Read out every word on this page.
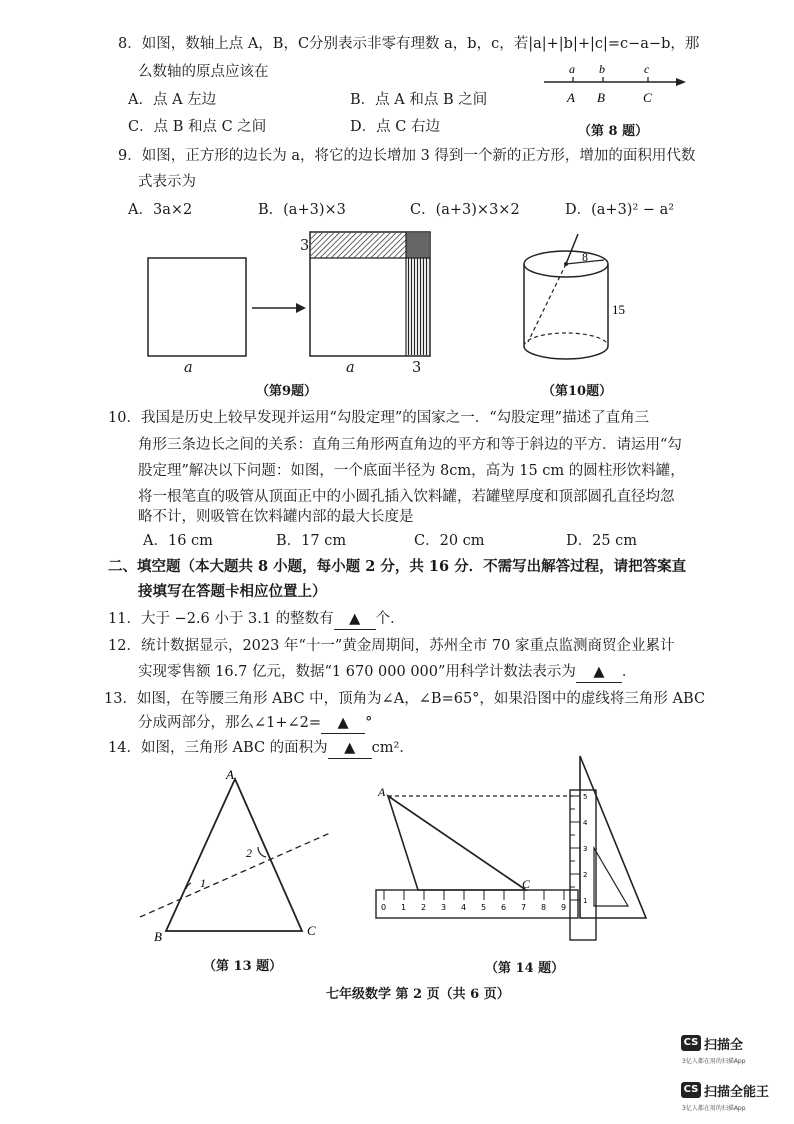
8．如图，数轴上点 A，B，C分别表示非零有理数 a，b，c，若|a|+|b|+|c|=c−a−b，那
么数轴的原点应该在
A．点 A 左边	B．点 A 和点 B 之间
C．点 B 和点 C 之间	D．点 C 右边
a b	c
A B	C
（第 8 题）
9．如图，正方形的边长为 a，将它的边长增加 3 得到一个新的正方形，增加的面积用代数
式表示为
A．3a×2	B．(a+3)×3	C．(a+3)×3×2	D．(a+3)² − a²
a	a
3
3
（第9题）
8
15
（第10题）
10．我国是历史上较早发现并运用“勾股定理”的国家之一．“勾股定理”描述了直角三
角形三条边长之间的关系：直角三角形两直角边的平方和等于斜边的平方．请运用“勾
股定理”解决以下问题：如图，一个底面半径为 8cm，高为 15 cm 的圆柱形饮料罐，
将一根笔直的吸管从顶面正中的小圆孔插入饮料罐，若罐壁厚度和顶部圆孔直径均忽
略不计，则吸管在饮料罐内部的最大长度是
A．16 cm	B．17 cm	C．20 cm	D．25 cm
二、填空题（本大题共 8 小题，每小题 2 分，共 16 分．不需写出解答过程，请把答案直
接填写在答题卡相应位置上）
11．大于 −2.6 小于 3.1 的整数有 ▲ 个．
12．统计数据显示，2023 年“十一”黄金周期间，苏州全市 70 家重点监测商贸企业累计
实现零售额 16.7 亿元，数据“1 670 000 000”用科学计数法表示为 ▲ ．
13．如图，在等腰三角形 ABC 中，顶角为∠A，∠B=65°，如果沿图中的虚线将三角形 ABC
分成两部分，那么∠1+∠2= ▲ °
14．如图，三角形 ABC 的面积为 ▲ cm²．
A
B	C
1
2
（第 13 题）
5
4
3
2
1
0 1 2 3 4 5 6 7 8 9
A
C
（第 14 题）
七年级数学 第 2 页（共 6 页）
CS 扫描全
3亿人都在用的扫描App
CS 扫描全能王
3亿人都在用的扫描App
